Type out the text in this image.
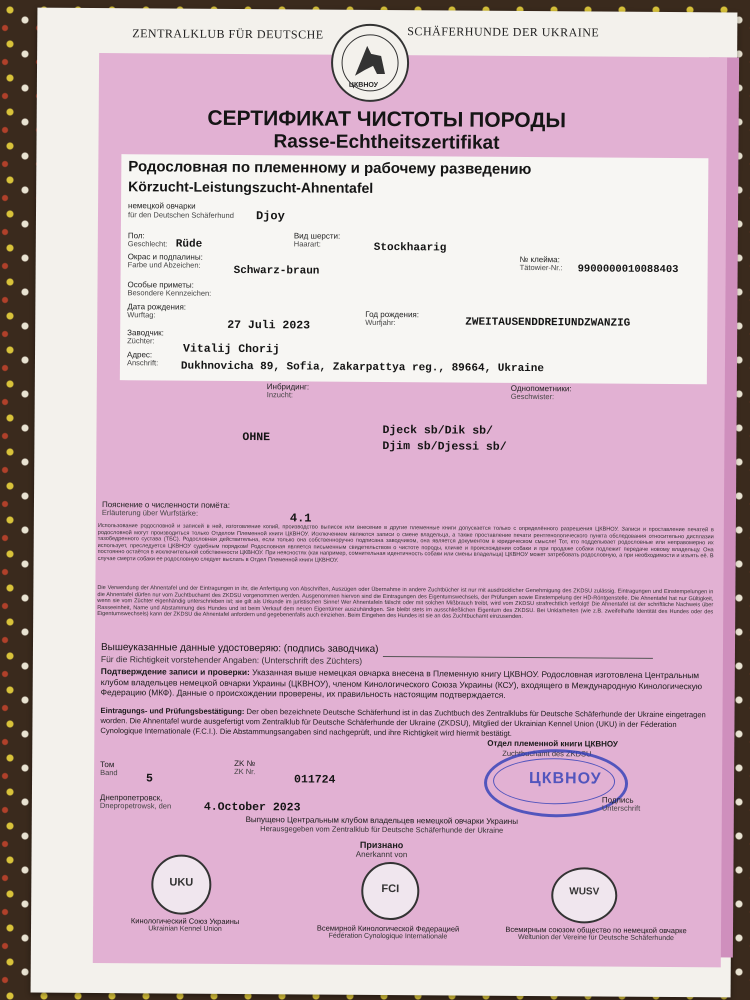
ZENTRALKLUB FÜR DEUTSCHE	SCHÄFERHUNDE DER UKRAINE
ЦКВНОУ
СЕРТИФИКАТ ЧИСТОТЫ ПОРОДЫ
Rasse-Echtheitszertifikat
Родословная по племенному и рабочему разведению
Körzucht-Leistungszucht-Ahnentafel
немецкой овчарки
für den Deutschen Schäferhund Djoy
Пол:
Geschlecht: Rüde
Вид шерсти:
Haarart:	Stockhaarig
Окрас и подпалины:
Farbe und Abzeichen:	Schwarz-braun
№ клейма:
Tätowier-Nr.: 9900000010088403
Особые приметы:
Besondere Kennzeichen:
Дата рождения:
Wurftag:
27 Juli 2023
Год рождения:
Wurfjahr:	ZWEITAUSENDDREIUNDZWANZIG
Заводчик:
Züchter:
Vitalij Chorij
Адрес:
Anschrift: Dukhnovicha 89, Sofia, Zakarpattya reg., 89664, Ukraine
Инбридинг:
Inzucht:
OHNE
Однопометники:
Geschwister:
Djeck sb/Dik sb/
Djim sb/Djessi sb/
Пояснение о численности помёта:
Erläuterung über Wurfstärke:	4.1
Использование родословной и записей в ней, изготовление копий, производство выписок или внесение в другие племенные книги допускается только с определённого разрешения ЦКВНОУ. Записи и проставление печатей в родословной могут производиться только Отделом Племенной книги ЦКВНОУ. Исключением являются записи о смене владельца, а также проставление печати рентгенологического пункта обследования относительно дисплазии тазобедренного сустава (ТБС). Родословная действительна, если только она собственноручно подписана заводчиком, она является документом в юридическом смысле! Тот, кто подделывает родословные или неправомерно их использует, преследуется ЦКВНОУ судебным порядком! Родословная является письменным свидетельством о чистоте породы, кличке и происхождении собаки и при продаже собаки подлежит передаче новому владельцу. Она постоянно остаётся в исключительной собственности ЦКВНОУ. При неясностях (как например, сомнительная идентичность собаки или смены владельца) ЦКВНОУ может затребовать родословную, а при необходимости и изъять её. В случае смерти собаки ее родословную следует выслать в Отдел Племенной книги ЦКВНОУ.
Die Verwendung der Ahnentafel und der Eintragungen in ihr, die Anfertigung von Abschriften, Auszügen oder Übernahme in andere Zuchtbücher ist nur mit ausdrücklicher Genehmigung des ZKDSU zulässig. Eintragungen und Einstempelungen in die Ahnentafel dürfen nur vom Zuchtbuchamt des ZKDSU vorgenommen werden. Ausgenommen hiervon sind die Eintragungen des Eigentumswechsels, der Prüfungen sowie Einstempelung der HD-Röntgenstelle. Die Ahnentafel hat nur Gültigkeit, wenn sie vom Züchter eigenhändig unterschrieben ist; sie gilt als Urkunde im juristischen Sinne! Wer Ahnentafeln fälscht oder mit solchen Mißbrauch treibt, wird vom ZKDSU strafrechtlich verfolgt! Die Ahnentafel ist der schriftliche Nachweis über Rasseeinheit, Name und Abstammung des Hundes und ist beim Verkauf dem neuen Eigentümer auszuhändigen. Sie bleibt stets im ausschließlichen Eigentum des ZKDSU. Bei Unklarheiten (wie z.B. zweifelhafte Identität des Hundes oder des Eigentumswechsels) kann der ZKDSU die Ahnentafel anfordern und gegebenenfalls auch einziehen. Beim Eingehen des Hundes ist sie an das Zuchtbuchamt einzusenden.
Вышеуказанные данные удостоверяю: (подпись заводчика)
Für die Richtigkeit vorstehender Angaben: (Unterschrift des Züchters)
Подтверждение записи и проверки: Указанная выше немецкая овчарка внесена в Племенную книгу ЦКВНОУ. Родословная изготовлена Центральным клубом владельцев немецкой овчарки Украины (ЦКВНОУ), членом Кинологического Союза Украины (КСУ), входящего в Международную Кинологическую Федерацию (МКФ). Данные о происхождении проверены, их правильность настоящим подтверждается.
Eintragungs- und Prüfungsbestätigung: Der oben bezeichnete Deutsche Schäferhund ist in das Zuchtbuch des Zentralklubs für Deutsche Schäferhunde der Ukraine eingetragen worden. Die Ahnentafel wurde ausgefertigt vom Zentralklub für Deutsche Schäferhunde der Ukraine (ZKDSU), Mitglied der Ukrainian Kennel Union (UKU) in der Féderation Cynologique Internationale (F.C.I.). Die Abstammungsangaben sind nachgeprüft, und ihre Richtigkeit wird hiermit bestätigt.
Том
Band 5
ZK №
ZK Nr.
011724
Днепропетровск,
Dnepropetrowsk, den	4.October 2023
Отдел племенной книги ЦКВНОУ
Zuchtbuchamt des ZKDSU
ЦКВНОУ
Подпись
Unterschrift
Выпущено Центральным клубом владельцев немецкой овчарки Украины
Herausgegeben vom Zentralklub für Deutsche Schäferhunde der Ukraine
Признано
Anerkannt von
UKU
FCI	WUSV
Кинологический Союз Украины
Ukrainian Kennel Union	Всемирной Кинологической Федерацией
Fédération Cynologique Internationale
Всемирным союзом общество по немецкой овчарке
Weltunion der Vereine für Deutsche Schäferhunde
